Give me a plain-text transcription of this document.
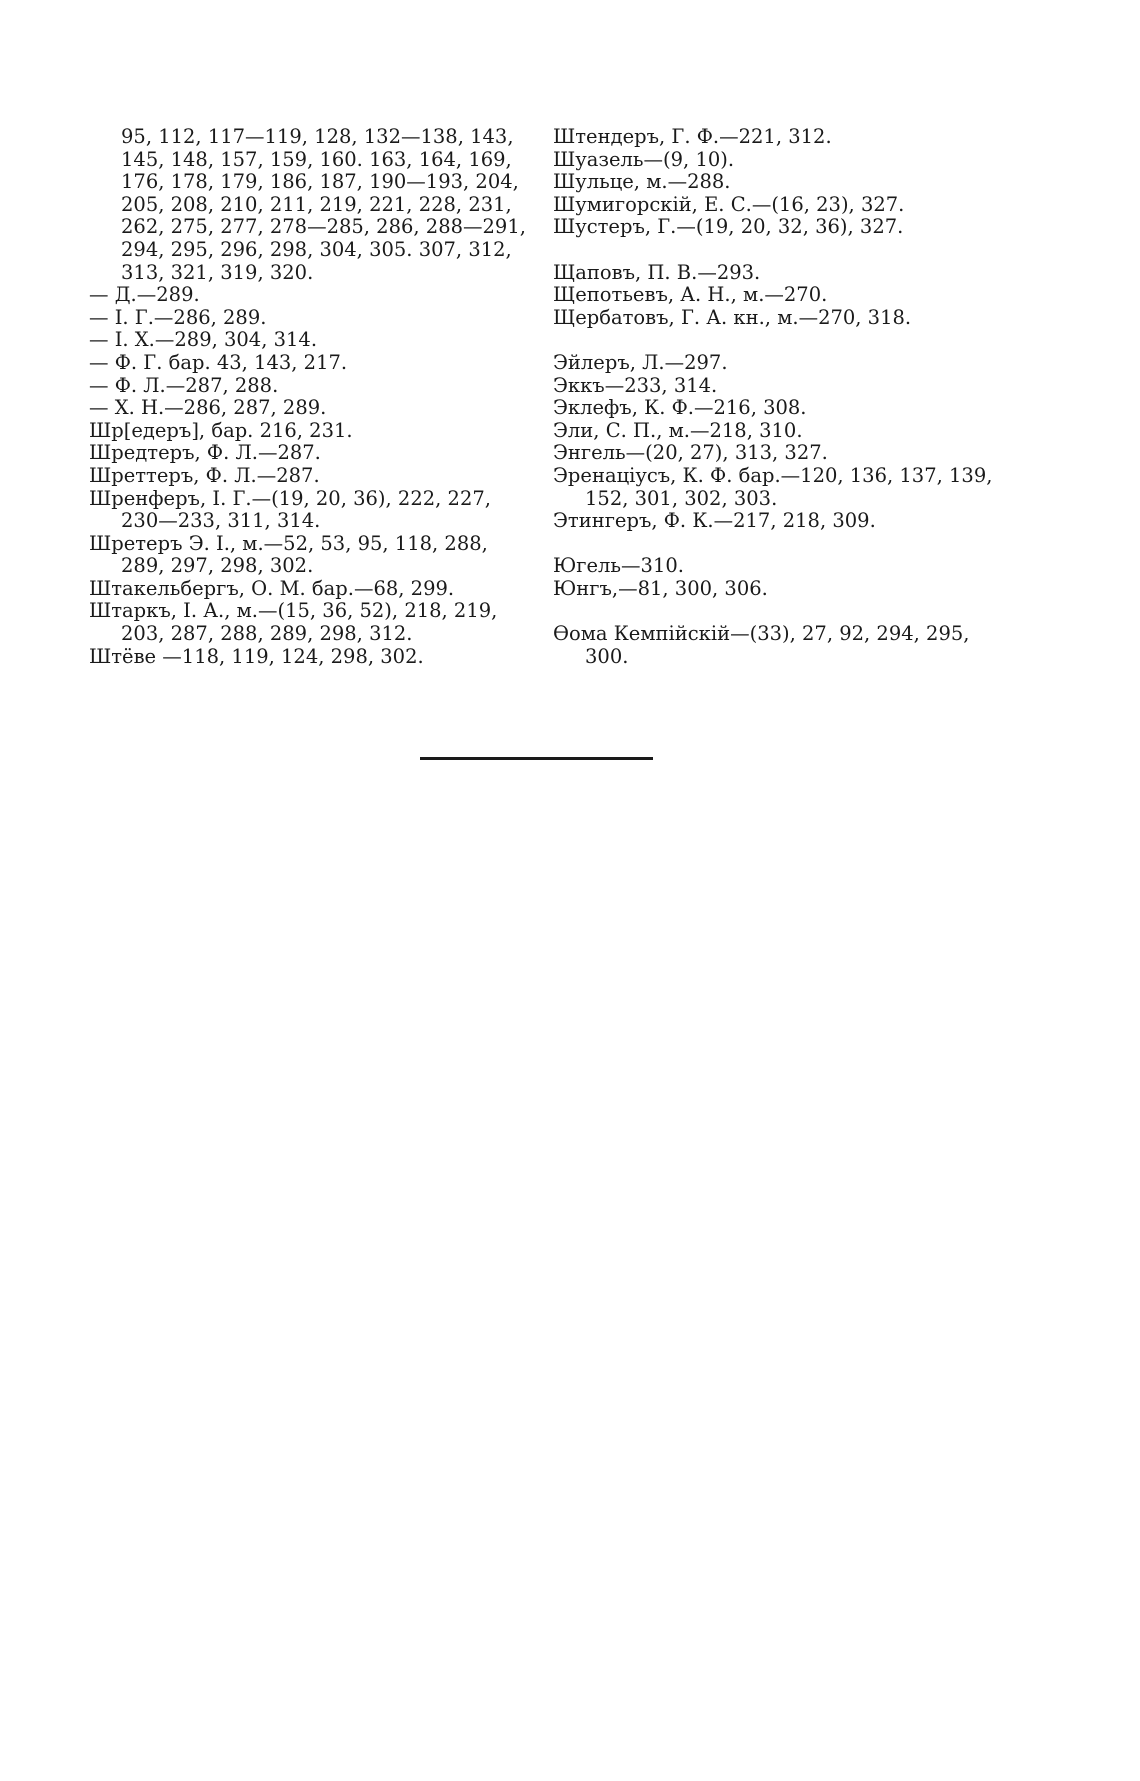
95, 112, 117—119, 128, 132—138, 143, 145, 148, 157, 159, 160. 163, 164, 169, 176, 178, 179, 186, 187, 190—193, 204, 205, 208, 210, 211, 219, 221, 228, 231, 262, 275, 277, 278—285, 286, 288—291, 294, 295, 296, 298, 304, 305. 307, 312, 313, 321, 319, 320.

— Д.—289.

— І. Г.—286, 289.

— І. Х.—289, 304, 314.

— Ф. Г. бар. 43, 143, 217.

— Ф. Л.—287, 288.

— Х. Н.—286, 287, 289.

Шр[едеръ], бар. 216, 231.

Шредтеръ, Ф. Л.—287.

Шреттеръ, Ф. Л.—287.

Шренферъ, І. Г.—(19, 20, 36), 222, 227, 230—233, 311, 314.

Шретеръ Э. І., м.—52, 53, 95, 118, 288, 289, 297, 298, 302.

Штакельбергъ, О. М. бар.—68, 299.

Штаркъ, І. А., м.—(15, 36, 52), 218, 219, 203, 287, 288, 289, 298, 312.

Штёве —118, 119, 124, 298, 302.

Штендеръ, Г. Ф.—221, 312.

Шуазель—(9, 10).

Шульце, м.—288.

Шумигорскій, Е. С.—(16, 23), 327.

Шустеръ, Г.—(19, 20, 32, 36), 327.

Щаповъ, П. В.—293.

Щепотьевъ, А. Н., м.—270.

Щербатовъ, Г. А. кн., м.—270, 318.

Эйлеръ, Л.—297.

Эккъ—233, 314.

Эклефъ, К. Ф.—216, 308.

Эли, С. П., м.—218, 310.

Энгель—(20, 27), 313, 327.

Эренаціусъ, К. Ф. бар.—120, 136, 137, 139, 152, 301, 302, 303.

Этингеръ, Ф. К.—217, 218, 309.

Югель—310.

Юнгъ,—81, 300, 306.

Ѳома Кемпійскій—(33), 27, 92, 294, 295, 300.
